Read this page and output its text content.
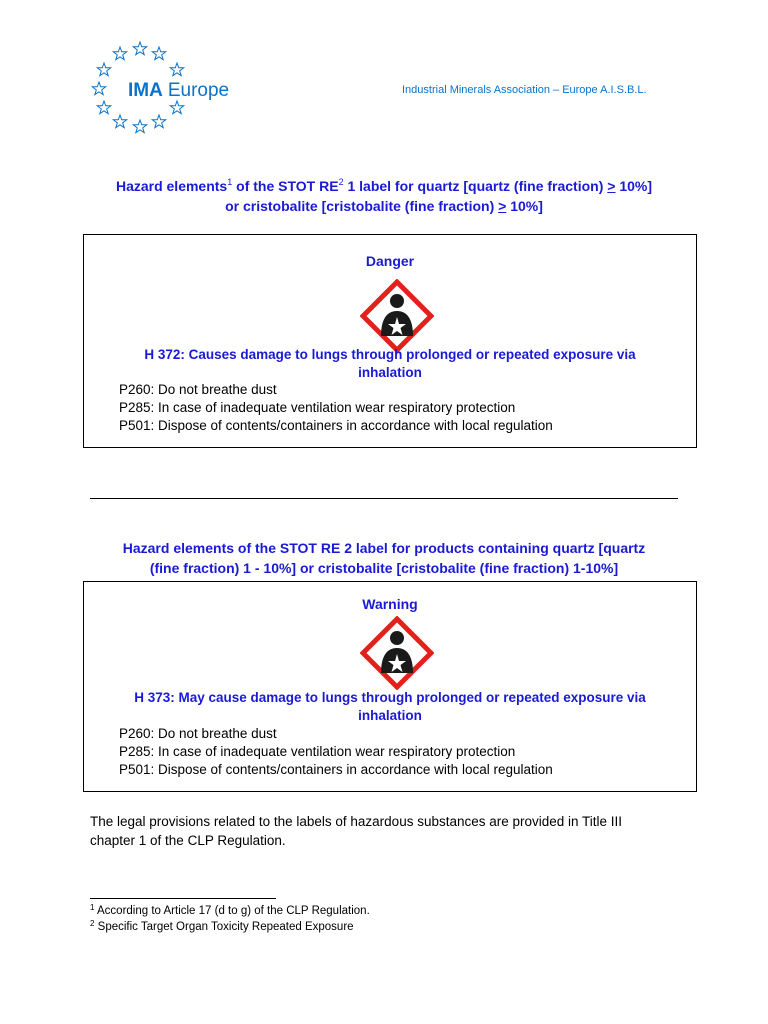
IMA Europe	Industrial Minerals Association – Europe A.I.S.B.L.
Hazard elements$^1$ of the STOT $RE^2$ 1 label for quartz [quartz (fine fraction) > 10%]
or cristobalite [cristobalite (fine fraction) > 10%]
Danger
H 372: Causes damage to lungs through prolonged or repeated exposure via
inhalation
P260: Do not breathe dust
P285: In case of inadequate ventilation wear respiratory protection
P501: Dispose of contents/containers in accordance with local regulation
Hazard elements of the STOT RE 2 label for products containing quartz [quartz
(fine fraction) 1 - 10%] or cristobalite [cristobalite (fine fraction) 1-10%]
Warning
H 373: May cause damage to lungs through prolonged or repeated exposure via
inhalation
P260: Do not breathe dust
P285: In case of inadequate ventilation wear respiratory protection
P501: Dispose of contents/containers in accordance with local regulation
The legal provisions related to the labels of hazardous substances are provided in Title III
chapter 1 of the CLP Regulation.
$^1$ According to Article 17 (d to g) of the CLP Regulation.
$^2$ Specific Target Organ Toxicity Repeated Exposure
